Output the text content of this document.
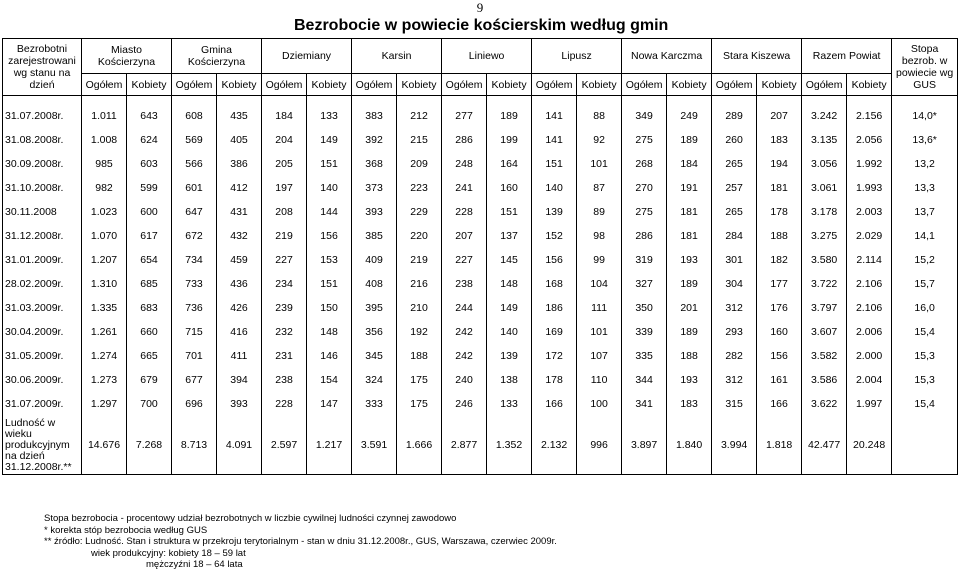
9
Bezrobocie w powiecie kościerskim według gmin
Bezrobotni zarejestrowani wg stanu na dzień	Miasto Kościerzyna		Gmina Kościerzyna		Dziemiany		Karsin		Liniewo		Lipusz		Nowa Karczma		Stara Kiszewa		Razem Powiat		Stopa bezrob. w powiecie wg GUS
	Ogółem	Kobiety	Ogółem	Kobiety	Ogółem	Kobiety	Ogółem	Kobiety	Ogółem	Kobiety	Ogółem	Kobiety	Ogółem	Kobiety	Ogółem	Kobiety	Ogółem	Kobiety	

31.07.2008r.	1.011	643	608	435	184	133	383	212	277	189	141	88	349	249	289	207	3.242	2.156	14,0*
31.08.2008r.	1.008	624	569	405	204	149	392	215	286	199	141	92	275	189	260	183	3.135	2.056	13,6*
30.09.2008r.	985	603	566	386	205	151	368	209	248	164	151	101	268	184	265	194	3.056	1.992	13,2
31.10.2008r.	982	599	601	412	197	140	373	223	241	160	140	87	270	191	257	181	3.061	1.993	13,3
30.11.2008	1.023	600	647	431	208	144	393	229	228	151	139	89	275	181	265	178	3.178	2.003	13,7
31.12.2008r.	1.070	617	672	432	219	156	385	220	207	137	152	98	286	181	284	188	3.275	2.029	14,1
31.01.2009r.	1.207	654	734	459	227	153	409	219	227	145	156	99	319	193	301	182	3.580	2.114	15,2
28.02.2009r.	1.310	685	733	436	234	151	408	216	238	148	168	104	327	189	304	177	3.722	2.106	15,7
31.03.2009r.	1.335	683	736	426	239	150	395	210	244	149	186	111	350	201	312	176	3.797	2.106	16,0
30.04.2009r.	1.261	660	715	416	232	148	356	192	242	140	169	101	339	189	293	160	3.607	2.006	15,4
31.05.2009r.	1.274	665	701	411	231	146	345	188	242	139	172	107	335	188	282	156	3.582	2.000	15,3
30.06.2009r.	1.273	679	677	394	238	154	324	175	240	138	178	110	344	193	312	161	3.586	2.004	15,3
31.07.2009r.	1.297	700	696	393	228	147	333	175	246	133	166	100	341	183	315	166	3.622	1.997	15,4
Ludność w wieku produkcyjnym na dzień 31.12.2008r.**	14.676	7.268	8.713	4.091	2.597	1.217	3.591	1.666	2.877	1.352	2.132	996	3.897	1.840	3.994	1.818	42.477	20.248	
Stopa bezrobocia - procentowy udział bezrobotnych w liczbie cywilnej ludności czynnej zawodowo
* korekta stóp bezrobocia według GUS
** źródło: Ludność. Stan i struktura w przekroju terytorialnym - stan w dniu 31.12.2008r., GUS, Warszawa, czerwiec 2009r.
wiek produkcyjny: kobiety 18 – 59 lat
mężczyźni 18 – 64 lata
